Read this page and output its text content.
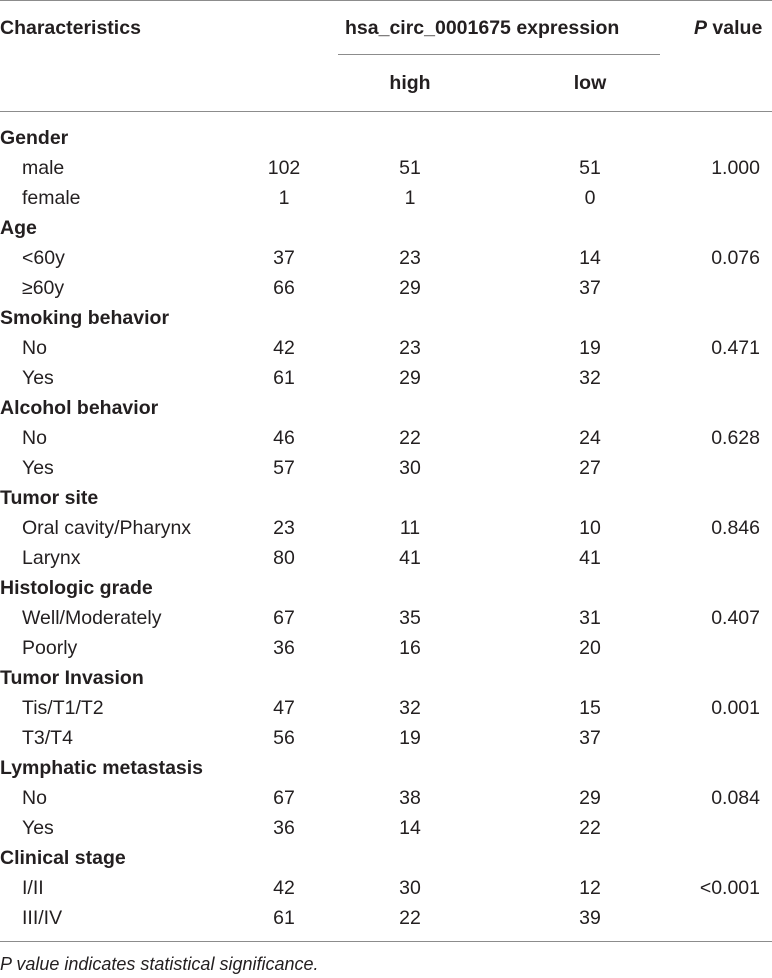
Characteristics	hsa_circ_0001675 expression	P value
high	low
Gender
male	102	51	51	1.000
female	1	1	0
Age
<60y	37	23	14	0.076
≥60y	66	29	37
Smoking behavior
No	42	23	19	0.471
Yes	61	29	32
Alcohol behavior
No	46	22	24	0.628
Yes	57	30	27
Tumor site
Oral cavity/Pharynx	23	11	10	0.846
Larynx	80	41	41
Histologic grade
Well/Moderately	67	35	31	0.407
Poorly	36	16	20
Tumor Invasion
Tis/T1/T2	47	32	15	0.001
T3/T4	56	19	37
Lymphatic metastasis
No	67	38	29	0.084
Yes	36	14	22
Clinical stage
I/II	42	30	12	<0.001
III/IV	61	22	39
P value indicates statistical significance.
